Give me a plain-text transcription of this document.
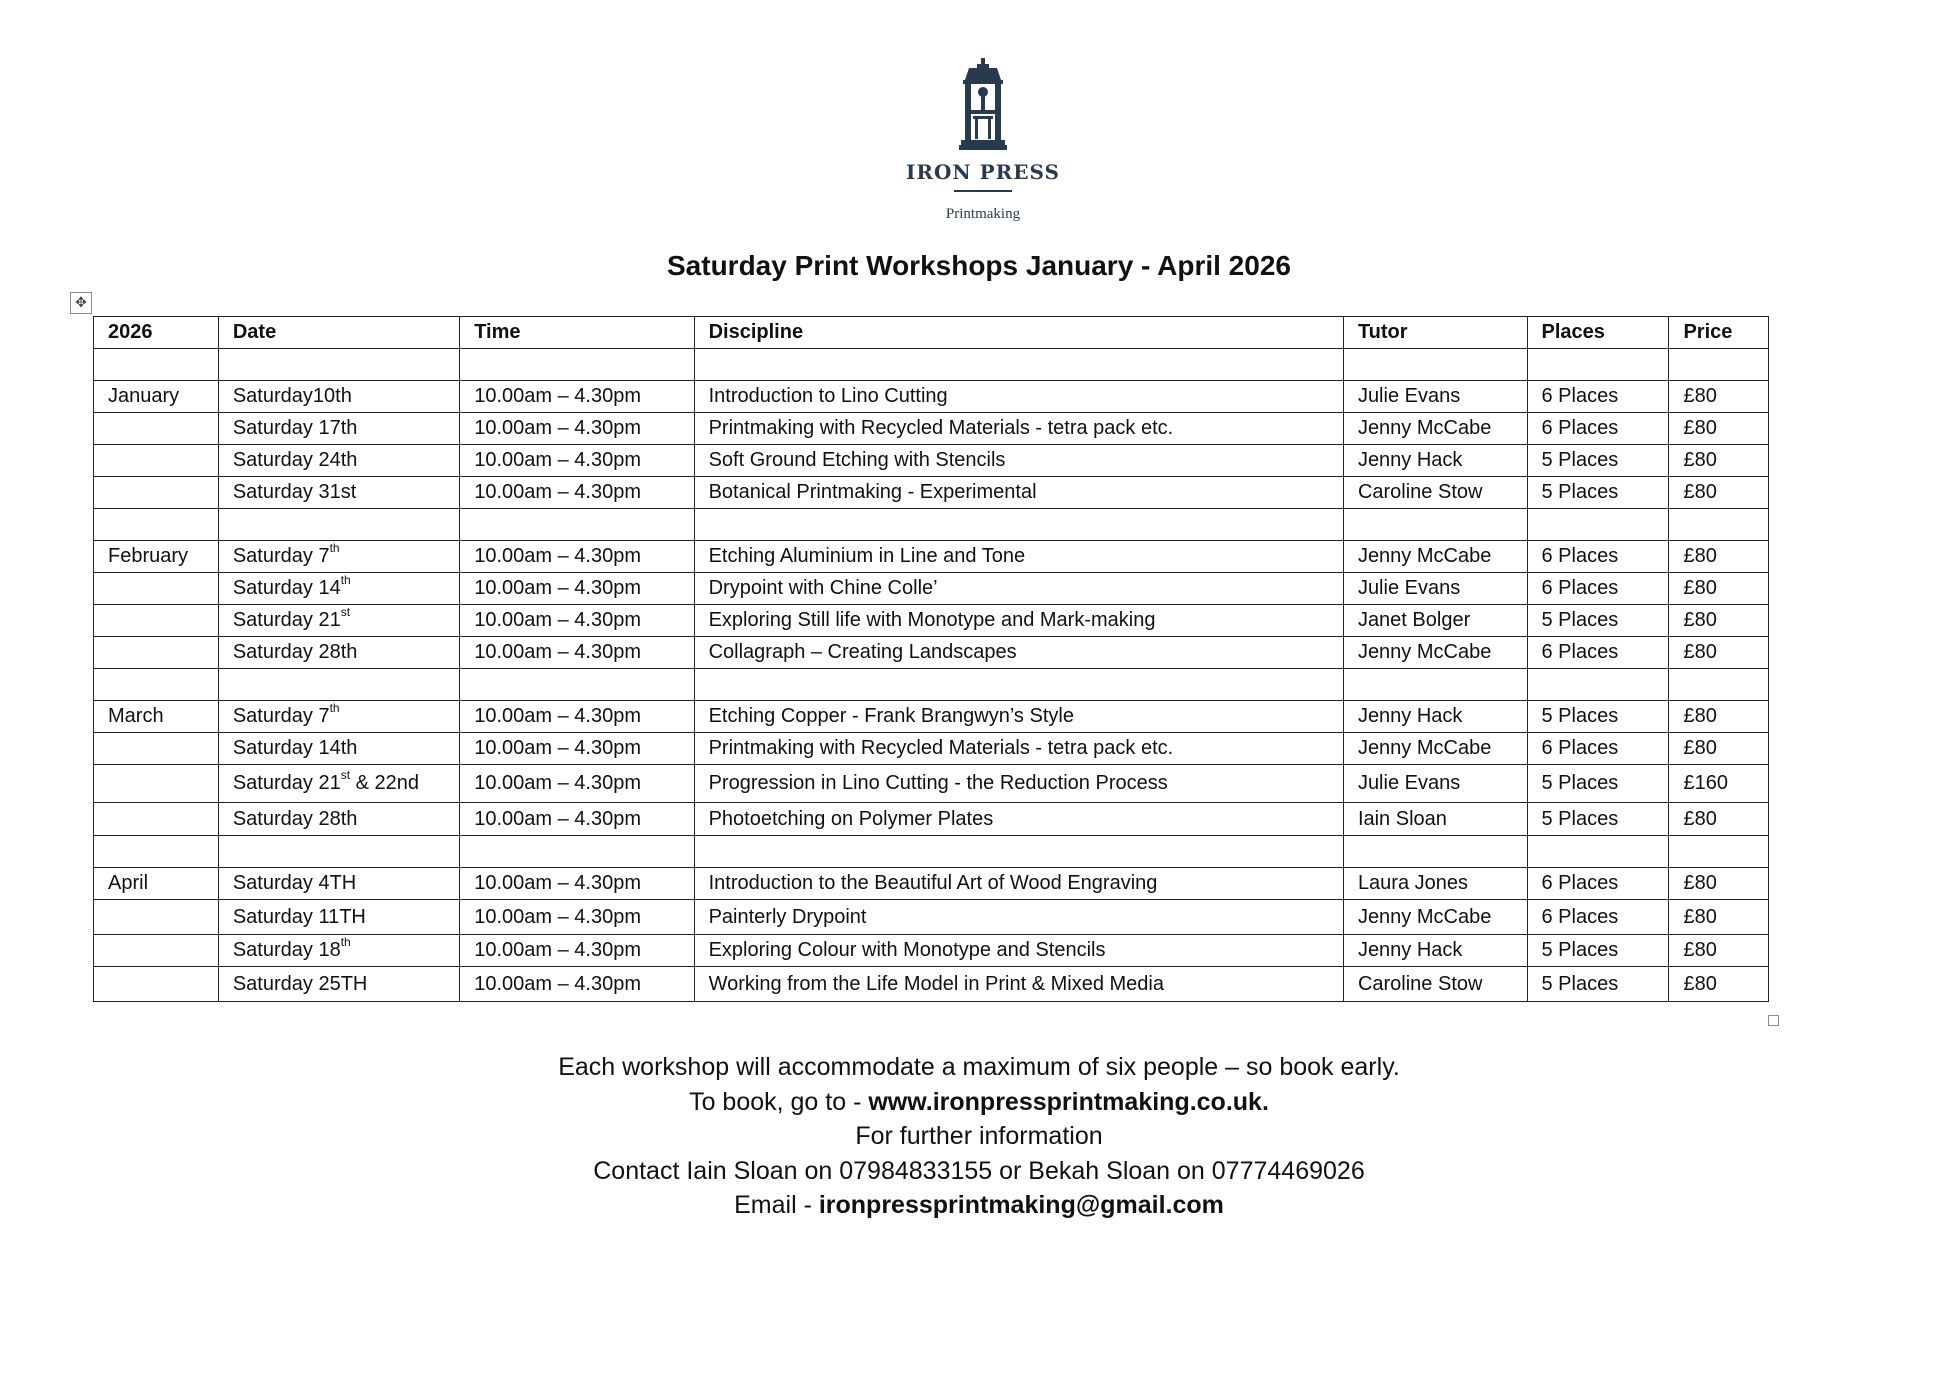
IRON PRESS
Printmaking
Saturday Print Workshops January - April 2026
✥
2026	Date	Time	Discipline	Tutor	Places	Price

January	Saturday10th	10.00am – 4.30pm	Introduction to Lino Cutting	Julie Evans	6 Places	£80
	Saturday 17th	10.00am – 4.30pm	Printmaking with Recycled Materials - tetra pack etc.	Jenny McCabe	6 Places	£80
	Saturday 24th	10.00am – 4.30pm	Soft Ground Etching with Stencils	Jenny Hack	5 Places	£80
	Saturday 31st	10.00am – 4.30pm	Botanical Printmaking - Experimental	Caroline Stow	5 Places	£80

February	Saturday 7th	10.00am – 4.30pm	Etching Aluminium in Line and Tone	Jenny McCabe	6 Places	£80
	Saturday 14th	10.00am – 4.30pm	Drypoint with Chine Colle’	Julie Evans	6 Places	£80
	Saturday 21st	10.00am – 4.30pm	Exploring Still life with Monotype and Mark-making	Janet Bolger	5 Places	£80
	Saturday 28th	10.00am – 4.30pm	Collagraph – Creating Landscapes	Jenny McCabe	6 Places	£80

March	Saturday 7th	10.00am – 4.30pm	Etching Copper - Frank Brangwyn’s Style	Jenny Hack	5 Places	£80
	Saturday 14th	10.00am – 4.30pm	Printmaking with Recycled Materials - tetra pack etc.	Jenny McCabe	6 Places	£80
	Saturday 21st & 22nd	10.00am – 4.30pm	Progression in Lino Cutting - the Reduction Process	Julie Evans	5 Places	£160
	Saturday 28th	10.00am – 4.30pm	Photoetching on Polymer Plates	Iain Sloan	5 Places	£80

April	Saturday 4TH	10.00am – 4.30pm	Introduction to the Beautiful Art of Wood Engraving	Laura Jones	6 Places	£80
	Saturday 11TH	10.00am – 4.30pm	Painterly Drypoint	Jenny McCabe	6 Places	£80
	Saturday 18th	10.00am – 4.30pm	Exploring Colour with Monotype and Stencils	Jenny Hack	5 Places	£80
	Saturday 25TH	10.00am – 4.30pm	Working from the Life Model in Print & Mixed Media	Caroline Stow	5 Places	£80
Each workshop will accommodate a maximum of six people – so book early.
To book, go to - www.ironpressprintmaking.co.uk.
For further information
Contact Iain Sloan on 07984833155 or Bekah Sloan on 07774469026
Email - ironpressprintmaking@gmail.com
